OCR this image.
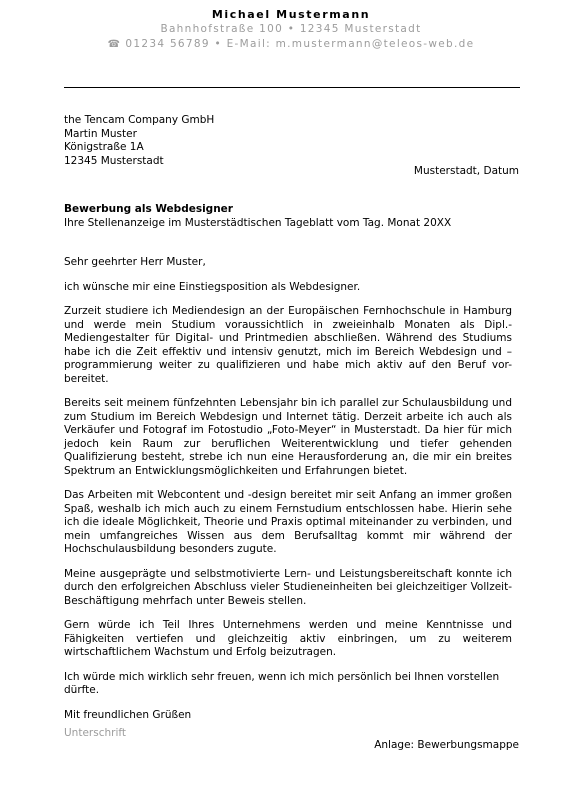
Michael Mustermann
Bahnhofstraße 100 • 12345 Musterstadt
☎ 01234 56789 • E-Mail: m.mustermann@teleos-web.de
the Tencam Company GmbH
Martin Muster
Königstraße 1A
12345 Musterstadt
Musterstadt, Datum
Bewerbung als Webdesigner
Ihre Stellenanzeige im Musterstädtischen Tageblatt vom Tag. Monat 20XX

Sehr geehrter Herr Muster,

ich wünsche mir eine Einstiegsposition als Webdesigner.

Zurzeit studiere ich Mediendesign an der Europäischen Fernhochschule in Hamburg und werde mein Studium voraussichtlich in zweieinhalb Monaten als Dipl.-Mediengestalter für Digital- und Printmedien abschließen. Während des Studiums habe ich die Zeit effektiv und intensiv genutzt, mich im Bereich Webdesign und – programmierung weiter zu qualifizieren und habe mich aktiv auf den Beruf vor-bereitet.

Bereits seit meinem fünfzehnten Lebensjahr bin ich parallel zur Schulausbildung und zum Studium im Bereich Webdesign und Internet tätig. Derzeit arbeite ich auch als Verkäufer und Fotograf im Fotostudio „Foto-Meyer“ in Musterstadt. Da hier für mich jedoch kein Raum zur beruflichen Weiterentwicklung und tiefer gehenden Qualifizierung besteht, strebe ich nun eine Herausforderung an, die mir ein breites Spektrum an Entwicklungsmöglichkeiten und Erfahrungen bietet.

Das Arbeiten mit Webcontent und -design bereitet mir seit Anfang an immer großen Spaß, weshalb ich mich auch zu einem Fernstudium entschlossen habe. Hierin sehe ich die ideale Möglichkeit, Theorie und Praxis optimal miteinander zu verbinden, und mein umfangreiches Wissen aus dem Berufsalltag kommt mir während der Hochschulausbildung besonders zugute.

Meine ausgeprägte und selbstmotivierte Lern- und Leistungsbereitschaft konnte ich durch den erfolgreichen Abschluss vieler Studieneinheiten bei gleichzeitiger Vollzeit-Beschäftigung mehrfach unter Beweis stellen.

Gern würde ich Teil Ihres Unternehmens werden und meine Kenntnisse und Fähigkeiten vertiefen und gleichzeitig aktiv einbringen, um zu weiterem wirtschaftlichem Wachstum und Erfolg beizutragen.

Ich würde mich wirklich sehr freuen, wenn ich mich persönlich bei Ihnen vorstellen dürfte.

Mit freundlichen Grüßen

Unterschrift
Anlage: Bewerbungsmappe
